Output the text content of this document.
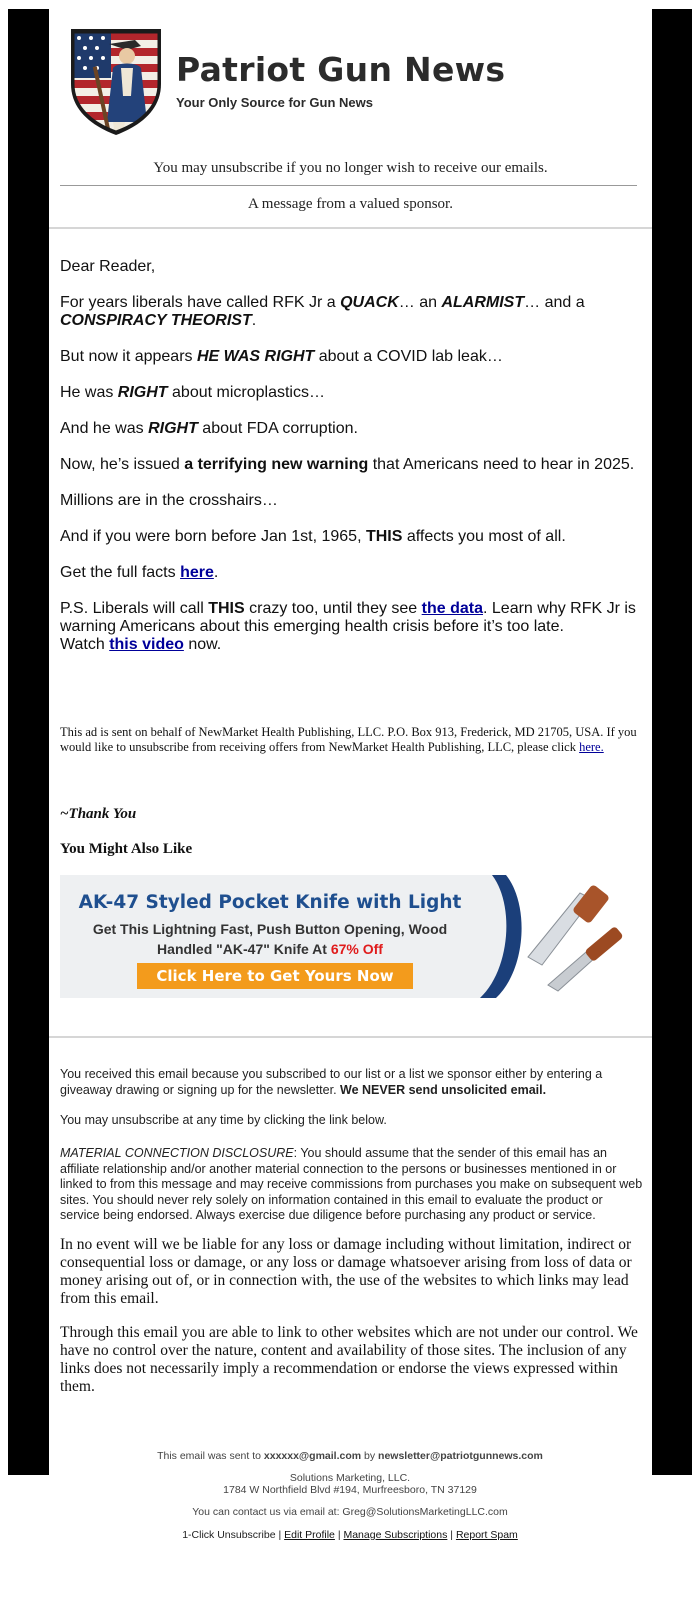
Patriot Gun News
Your Only Source for Gun News
You may unsubscribe if you no longer wish to receive our emails.
A message from a valued sponsor.

Dear Reader,

For years liberals have called RFK Jr a QUACK… an ALARMIST… and a CONSPIRACY THEORIST.

But now it appears HE WAS RIGHT about a COVID lab leak…

He was RIGHT about microplastics…

And he was RIGHT about FDA corruption.

Now, he’s issued a terrifying new warning that Americans need to hear in 2025.

Millions are in the crosshairs…

And if you were born before Jan 1st, 1965, THIS affects you most of all.

Get the full facts here.

P.S. Liberals will call THIS crazy too, until they see the data. Learn why RFK Jr is warning Americans about this emerging health crisis before it’s too late.
Watch this video now.

This ad is sent on behalf of NewMarket Health Publishing, LLC. P.O. Box 913, Frederick, MD 21705, USA. If you would like to unsubscribe from receiving offers from NewMarket Health Publishing, LLC, please click here.
~Thank You
You Might Also Like
AK-47 Styled Pocket Knife with Light
Get This Lightning Fast, Push Button Opening, Wood
Handled "AK-47" Knife At 67% Off
Click Here to Get Yours Now
You received this email because you subscribed to our list or a list we sponsor either by entering a giveaway drawing or signing up for the newsletter. We NEVER send unsolicited email.
You may unsubscribe at any time by clicking the link below.
MATERIAL CONNECTION DISCLOSURE: You should assume that the sender of this email has an affiliate relationship and/or another material connection to the persons or businesses mentioned in or linked to from this message and may receive commissions from purchases you make on subsequent web sites. You should never rely solely on information contained in this email to evaluate the product or service being endorsed. Always exercise due diligence before purchasing any product or service.
In no event will we be liable for any loss or damage including without limitation, indirect or consequential loss or damage, or any loss or damage whatsoever arising from loss of data or money arising out of, or in connection with, the use of the websites to which links may lead from this email.
Through this email you are able to link to other websites which are not under our control. We have no control over the nature, content and availability of those sites. The inclusion of any links does not necessarily imply a recommendation or endorse the views expressed within them.
This email was sent to xxxxxx@gmail.com by newsletter@patriotgunnews.com
Solutions Marketing, LLC.
1784 W Northfield Blvd #194, Murfreesboro, TN 37129
You can contact us via email at: Greg@SolutionsMarketingLLC.com
1-Click Unsubscribe | Edit Profile | Manage Subscriptions | Report Spam
